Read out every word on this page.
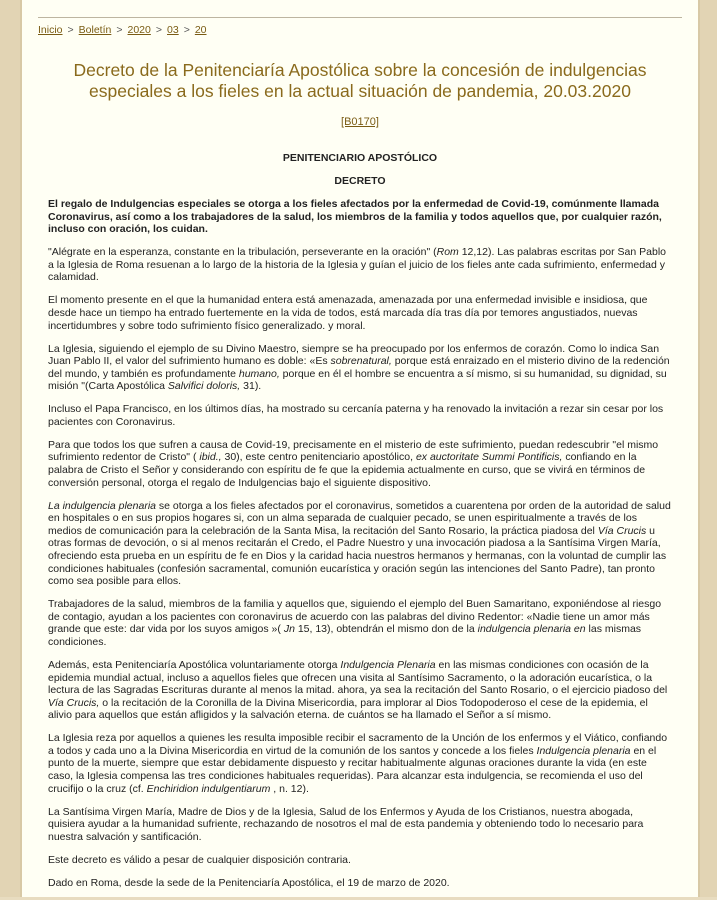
Inicio > Boletín > 2020 > 03 > 20
Decreto de la Penitenciaría Apostólica sobre la concesión de indulgencias especiales a los fieles en la actual situación de pandemia, 20.03.2020
[B0170]
PENITENCIARIO APOSTÓLICO
DECRETO

El regalo de Indulgencias especiales se otorga a los fieles afectados por la enfermedad de Covid-19, comúnmente llamada Coronavirus, así como a los trabajadores de la salud, los miembros de la familia y todos aquellos que, por cualquier razón, incluso con oración, los cuidan.

"Alégrate en la esperanza, constante en la tribulación, perseverante en la oración" (Rom 12,12). Las palabras escritas por San Pablo a la Iglesia de Roma resuenan a lo largo de la historia de la Iglesia y guían el juicio de los fieles ante cada sufrimiento, enfermedad y calamidad.

El momento presente en el que la humanidad entera está amenazada, amenazada por una enfermedad invisible e insidiosa, que desde hace un tiempo ha entrado fuertemente en la vida de todos, está marcada día tras día por temores angustiados, nuevas incertidumbres y sobre todo sufrimiento físico generalizado. y moral.

La Iglesia, siguiendo el ejemplo de su Divino Maestro, siempre se ha preocupado por los enfermos de corazón. Como lo indica San Juan Pablo II, el valor del sufrimiento humano es doble: «Es sobrenatural, porque está enraizado en el misterio divino de la redención del mundo, y también es profundamente humano, porque en él el hombre se encuentra a sí mismo, si su humanidad, su dignidad, su misión "(Carta Apostólica Salvifici doloris, 31).

Incluso el Papa Francisco, en los últimos días, ha mostrado su cercanía paterna y ha renovado la invitación a rezar sin cesar por los pacientes con Coronavirus.

Para que todos los que sufren a causa de Covid-19, precisamente en el misterio de este sufrimiento, puedan redescubrir "el mismo sufrimiento redentor de Cristo" ( ibid., 30), este centro penitenciario apostólico, ex auctoritate Summi Pontificis, confiando en la palabra de Cristo el Señor y considerando con espíritu de fe que la epidemia actualmente en curso, que se vivirá en términos de conversión personal, otorga el regalo de Indulgencias bajo el siguiente dispositivo.

La indulgencia plenaria se otorga a los fieles afectados por el coronavirus, sometidos a cuarentena por orden de la autoridad de salud en hospitales o en sus propios hogares si, con un alma separada de cualquier pecado, se unen espiritualmente a través de los medios de comunicación para la celebración de la Santa Misa, la recitación del Santo Rosario, la práctica piadosa del Vía Crucis u otras formas de devoción, o si al menos recitarán el Credo, el Padre Nuestro y una invocación piadosa a la Santísima Virgen María, ofreciendo esta prueba en un espíritu de fe en Dios y la caridad hacia nuestros hermanos y hermanas, con la voluntad de cumplir las condiciones habituales (confesión sacramental, comunión eucarística y oración según las intenciones del Santo Padre), tan pronto como sea posible para ellos.

Trabajadores de la salud, miembros de la familia y aquellos que, siguiendo el ejemplo del Buen Samaritano, exponiéndose al riesgo de contagio, ayudan a los pacientes con coronavirus de acuerdo con las palabras del divino Redentor: «Nadie tiene un amor más grande que este: dar vida por los suyos amigos »( Jn 15, 13), obtendrán el mismo don de la indulgencia plenaria en las mismas condiciones.

Además, esta Penitenciaría Apostólica voluntariamente otorga Indulgencia Plenaria en las mismas condiciones con ocasión de la epidemia mundial actual, incluso a aquellos fieles que ofrecen una visita al Santísimo Sacramento, o la adoración eucarística, o la lectura de las Sagradas Escrituras durante al menos la mitad. ahora, ya sea la recitación del Santo Rosario, o el ejercicio piadoso del Vía Crucis, o la recitación de la Coronilla de la Divina Misericordia, para implorar al Dios Todopoderoso el cese de la epidemia, el alivio para aquellos que están afligidos y la salvación eterna. de cuántos se ha llamado el Señor a sí mismo.

La Iglesia reza por aquellos a quienes les resulta imposible recibir el sacramento de la Unción de los enfermos y el Viático, confiando a todos y cada uno a la Divina Misericordia en virtud de la comunión de los santos y concede a los fieles Indulgencia plenaria en el punto de la muerte, siempre que estar debidamente dispuesto y recitar habitualmente algunas oraciones durante la vida (en este caso, la Iglesia compensa las tres condiciones habituales requeridas). Para alcanzar esta indulgencia, se recomienda el uso del crucifijo o la cruz (cf. Enchiridion indulgentiarum , n. 12).

La Santísima Virgen María, Madre de Dios y de la Iglesia, Salud de los Enfermos y Ayuda de los Cristianos, nuestra abogada, quisiera ayudar a la humanidad sufriente, rechazando de nosotros el mal de esta pandemia y obteniendo todo lo necesario para nuestra salvación y santificación.

Este decreto es válido a pesar de cualquier disposición contraria.

Dado en Roma, desde la sede de la Penitenciaría Apostólica, el 19 de marzo de 2020.
